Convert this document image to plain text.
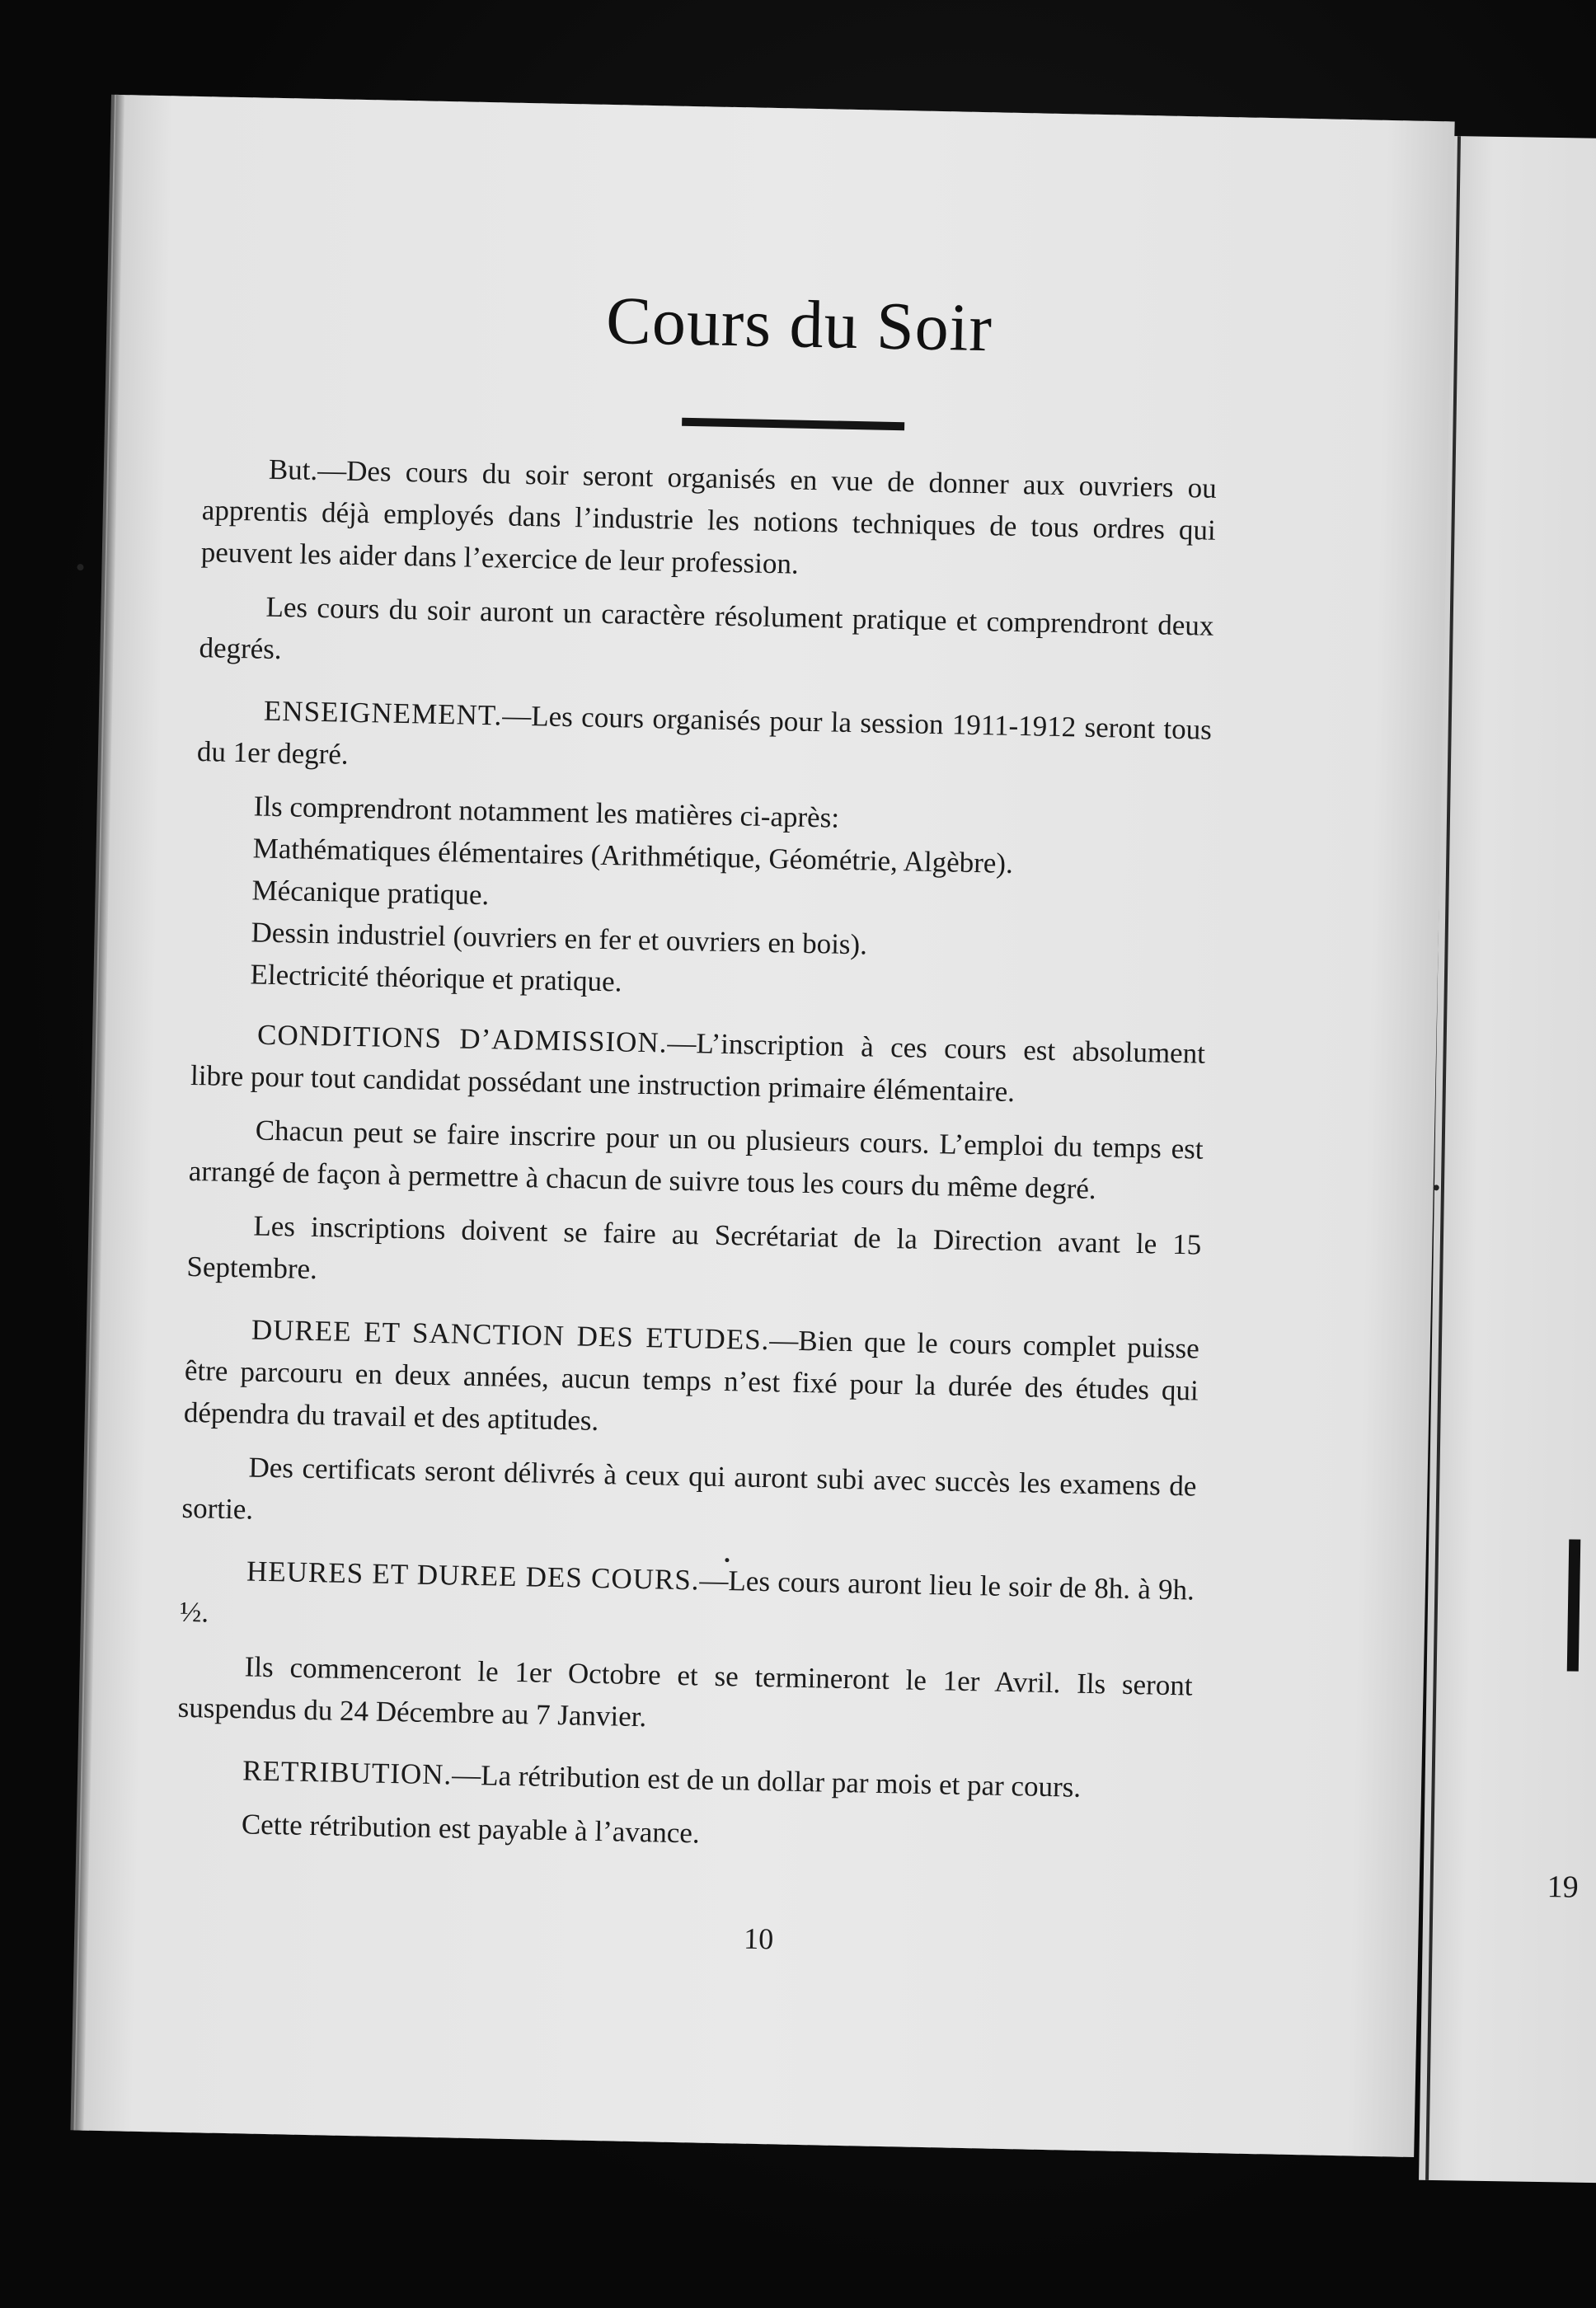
19
Cours du Soir

But.—Des cours du soir seront organisés en vue de donner aux ouvriers ou apprentis déjà employés dans l’industrie les notions techniques de tous ordres qui peuvent les aider dans l’exercice de leur profession.

Les cours du soir auront un caractère résolument pratique et comprendront deux degrés.

ENSEIGNEMENT.—Les cours organisés pour la session 1911-1912 seront tous du 1er degré.

Ils comprendront notamment les matières ci-après:
Mathématiques élémentaires (Arithmétique, Géométrie, Algèbre).
Mécanique pratique.
Dessin industriel (ouvriers en fer et ouvriers en bois).
Electricité théorique et pratique.

CONDITIONS D’ADMISSION.—L’inscription à ces cours est absolument libre pour tout candidat possédant une instruction primaire élémentaire.

Chacun peut se faire inscrire pour un ou plusieurs cours. L’emploi du temps est arrangé de façon à permettre à chacun de suivre tous les cours du même degré.

Les inscriptions doivent se faire au Secrétariat de la Direction avant le 15 Septembre.

DUREE ET SANCTION DES ETUDES.—Bien que le cours complet puisse être parcouru en deux années, aucun temps n’est fixé pour la durée des études qui dépendra du travail et des aptitudes.

Des certificats seront délivrés à ceux qui auront subi avec succès les examens de sortie.

HEURES ET DUREE DES COURS.—Les cours auront lieu le soir de 8h. à 9h. ½.

Ils commenceront le 1er Octobre et se termineront le 1er Avril. Ils seront suspendus du 24 Décembre au 7 Janvier.

RETRIBUTION.—La rétribution est de un dollar par mois et par cours.

Cette rétribution est payable à l’avance.

10
